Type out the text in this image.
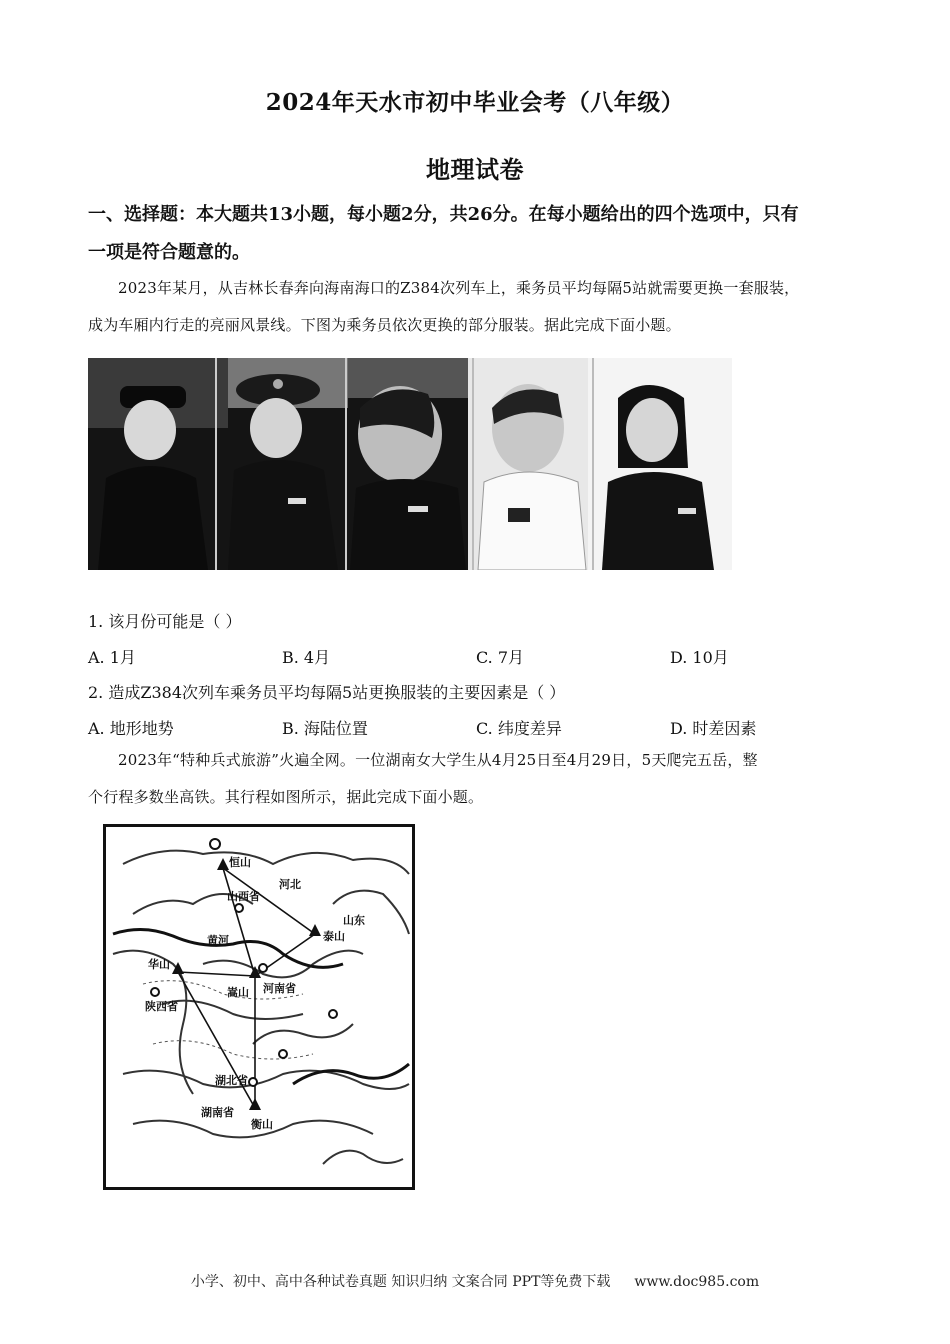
2024年天水市初中毕业会考（八年级）
地理试卷
一、选择题：本大题共13小题，每小题2分，共26分。在每小题给出的四个选项中，只有
一项是符合题意的。
2023年某月，从吉林长春奔向海南海口的Z384次列车上，乘务员平均每隔5站就需要更换一套服装，
成为车厢内行走的亮丽风景线。下图为乘务员依次更换的部分服装。据此完成下面小题。
1. 该月份可能是（ ）
A. 1月	B. 4月	C. 7月	D. 10月
2. 造成Z384次列车乘务员平均每隔5站更换服装的主要因素是（ ）
A. 地形地势	B. 海陆位置	C. 纬度差异	D. 时差因素
2023年“特种兵式旅游”火遍全网。一位湖南女大学生从4月25日至4月29日，5天爬完五岳，整
个行程多数坐高铁。其行程如图所示，据此完成下面小题。
恒山
泰山
山东
华山
嵩山
陕西省
河南省
湖北省
湖南省
衡山
山西省
河北
黄河
小学、初中、高中各种试卷真题 知识归纳 文案合同 PPT等免费下载 www.doc985.com
